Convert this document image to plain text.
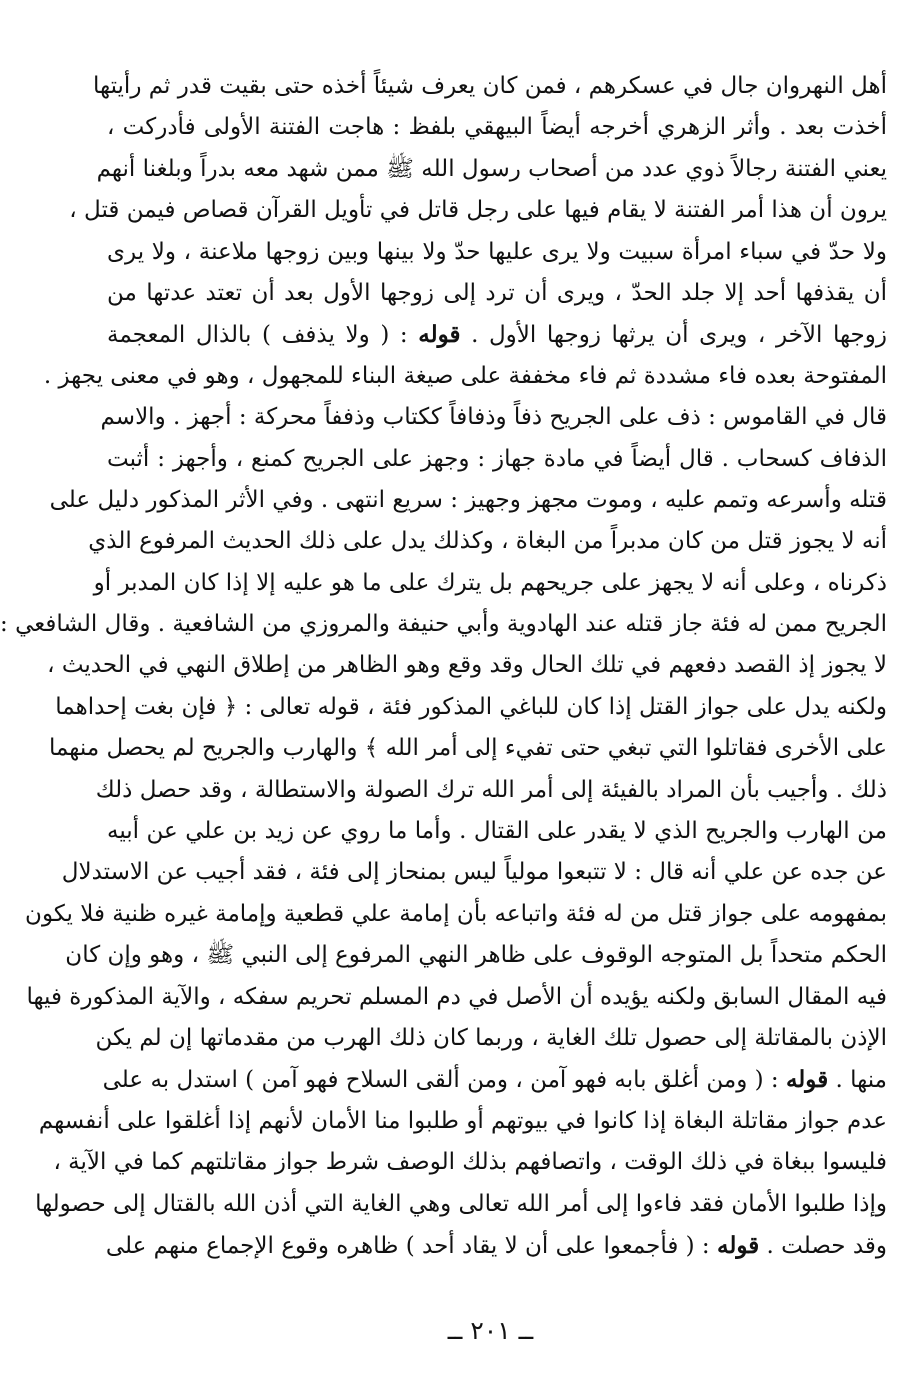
أهل النهروان جال في عسكرهم ، فمن كان يعرف شيئاً أخذه حتى بقيت قدر ثم رأيتها
أخذت بعد . وأثر الزهري أخرجه أيضاً البيهقي بلفظ : هاجت الفتنة الأولى فأدركت ،
يعني الفتنة رجالاً ذوي عدد من أصحاب رسول الله ﷺ ممن شهد معه بدراً وبلغنا أنهم
يرون أن هذا أمر الفتنة لا يقام فيها على رجل قاتل في تأويل القرآن قصاص فيمن قتل ،
ولا حدّ في سباء امرأة سبيت ولا يرى عليها حدّ ولا بينها وبين زوجها ملاعنة ، ولا يرى
أن يقذفها أحد إلا جلد الحدّ ، ويرى أن ترد إلى زوجها الأول بعد أن تعتد عدتها من
زوجها الآخر ، ويرى أن يرثها زوجها الأول . قوله : ( ولا يذفف ) بالذال المعجمة
المفتوحة بعده فاء مشددة ثم فاء مخففة على صيغة البناء للمجهول ، وهو في معنى يجهز .
قال في القاموس : ذف على الجريح ذفاً وذفافاً ككتاب وذففاً محركة : أجهز . والاسم
الذفاف كسحاب . قال أيضاً في مادة جهاز : وجهز على الجريح كمنع ، وأجهز : أثبت
قتله وأسرعه وتمم عليه ، وموت مجهز وجهيز : سريع انتهى . وفي الأثر المذكور دليل على
أنه لا يجوز قتل من كان مدبراً من البغاة ، وكذلك يدل على ذلك الحديث المرفوع الذي
ذكرناه ، وعلى أنه لا يجهز على جريحهم بل يترك على ما هو عليه إلا إذا كان المدبر أو
الجريح ممن له فئة جاز قتله عند الهادوية وأبي حنيفة والمروزي من الشافعية . وقال الشافعي :
لا يجوز إذ القصد دفعهم في تلك الحال وقد وقع وهو الظاهر من إطلاق النهي في الحديث ،
ولكنه يدل على جواز القتل إذا كان للباغي المذكور فئة ، قوله تعالى : ﴿ فإن بغت إحداهما
على الأخرى فقاتلوا التي تبغي حتى تفيء إلى أمر الله ﴾ والهارب والجريح لم يحصل منهما
ذلك . وأجيب بأن المراد بالفيئة إلى أمر الله ترك الصولة والاستطالة ، وقد حصل ذلك
من الهارب والجريح الذي لا يقدر على القتال . وأما ما روي عن زيد بن علي عن أبيه
عن جده عن علي أنه قال : لا تتبعوا مولياً ليس بمنحاز إلى فئة ، فقد أجيب عن الاستدلال
بمفهومه على جواز قتل من له فئة واتباعه بأن إمامة علي قطعية وإمامة غيره ظنية فلا يكون
الحكم متحداً بل المتوجه الوقوف على ظاهر النهي المرفوع إلى النبي ﷺ ، وهو وإن كان
فيه المقال السابق ولكنه يؤيده أن الأصل في دم المسلم تحريم سفكه ، والآية المذكورة فيها
الإذن بالمقاتلة إلى حصول تلك الغاية ، وربما كان ذلك الهرب من مقدماتها إن لم يكن
منها . قوله : ( ومن أغلق بابه فهو آمن ، ومن ألقى السلاح فهو آمن ) استدل به على
عدم جواز مقاتلة البغاة إذا كانوا في بيوتهم أو طلبوا منا الأمان لأنهم إذا أغلقوا على أنفسهم
فليسوا ببغاة في ذلك الوقت ، واتصافهم بذلك الوصف شرط جواز مقاتلتهم كما في الآية ،
وإذا طلبوا الأمان فقد فاءوا إلى أمر الله تعالى وهي الغاية التي أذن الله بالقتال إلى حصولها
وقد حصلت . قوله : ( فأجمعوا على أن لا يقاد أحد ) ظاهره وقوع الإجماع منهم على
ــ ٢٠١ ــ
